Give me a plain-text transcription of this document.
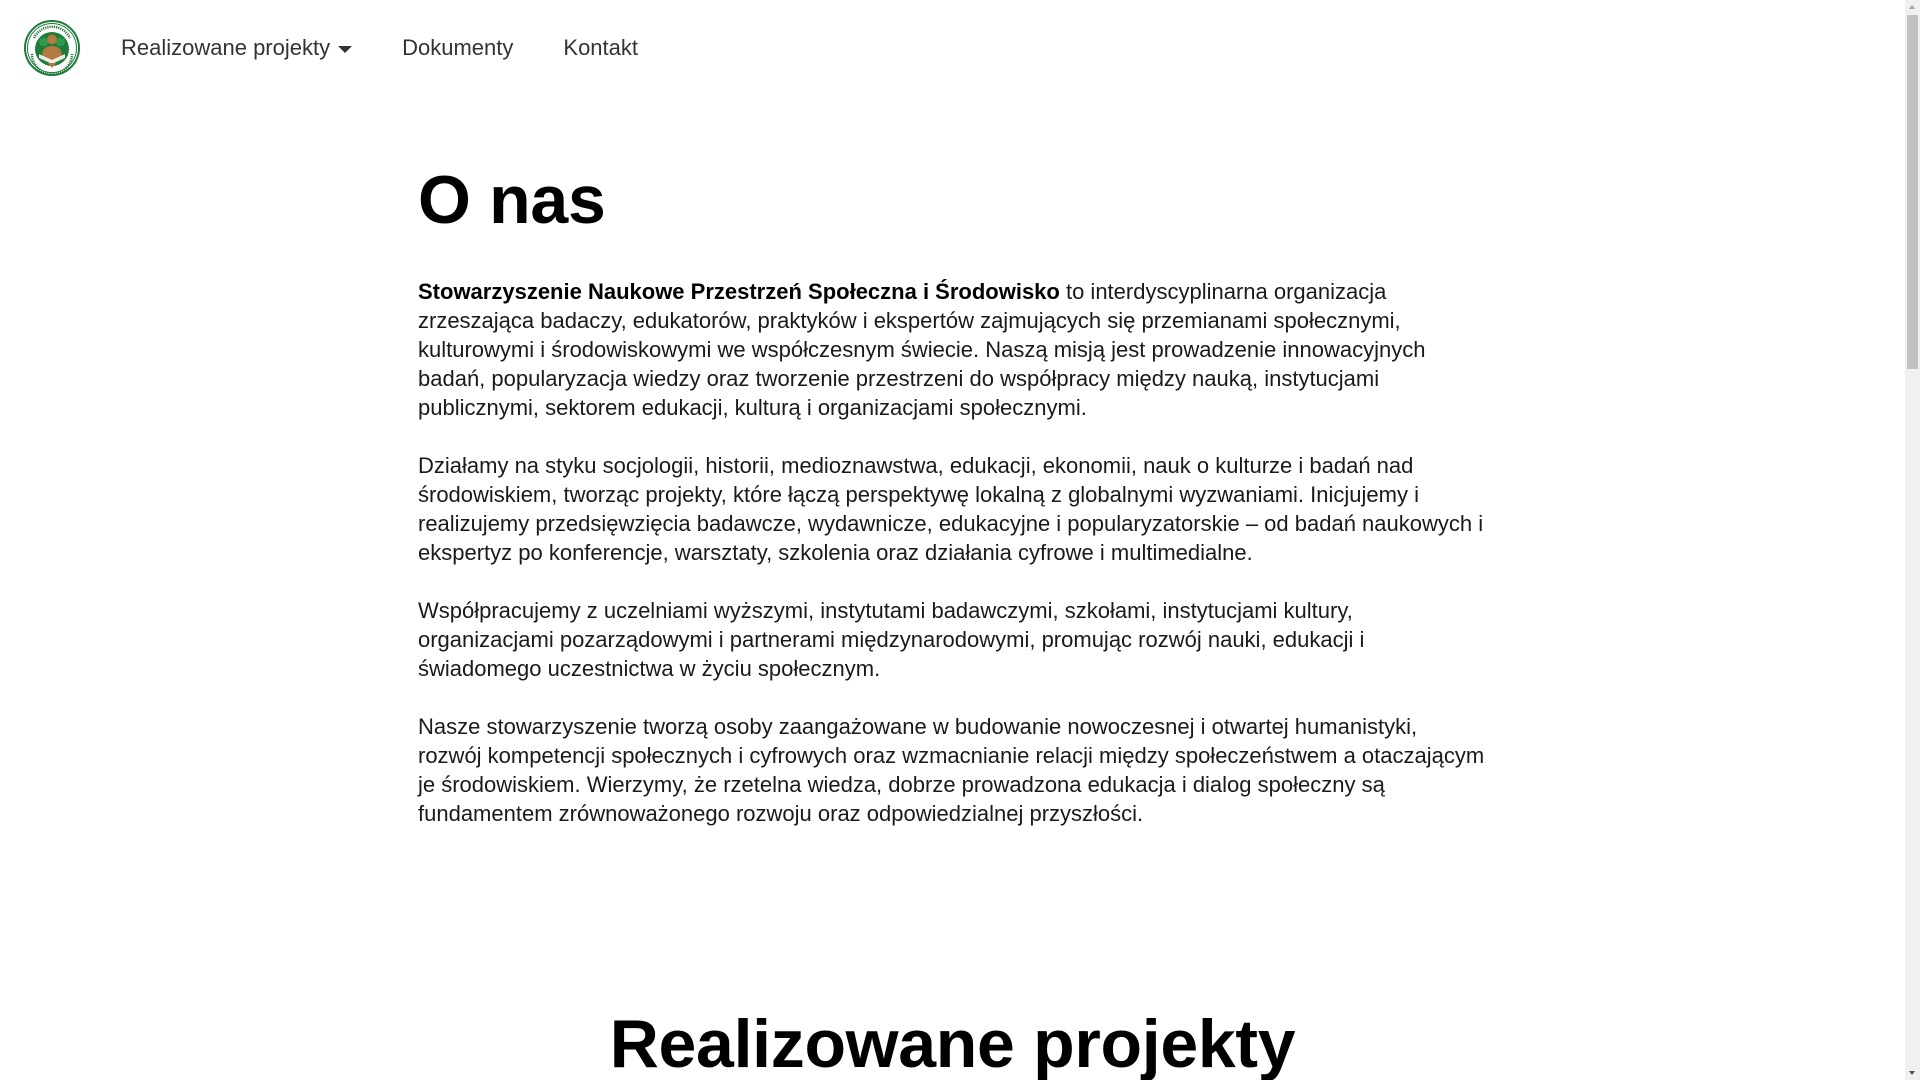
Realizowane projekty	Dokumenty Kontakt
O nas

Stowarzyszenie Naukowe Przestrzeń Społeczna i Środowisko to interdyscyplinarna organizacja zrzeszająca badaczy, edukatorów, praktyków i ekspertów zajmujących się przemianami społecznymi, kulturowymi i środowiskowymi we współczesnym świecie. Naszą misją jest prowadzenie innowacyjnych badań, popularyzacja wiedzy oraz tworzenie przestrzeni do współpracy między nauką, instytucjami publicznymi, sektorem edukacji, kulturą i organizacjami społecznymi.

Działamy na styku socjologii, historii, medioznawstwa, edukacji, ekonomii, nauk o kulturze i badań nad środowiskiem, tworząc projekty, które łączą perspektywę lokalną z globalnymi wyzwaniami. Inicjujemy i realizujemy przedsięwzięcia badawcze, wydawnicze, edukacyjne i popularyzatorskie – od badań naukowych i ekspertyz po konferencje, warsztaty, szkolenia oraz działania cyfrowe i multimedialne.

Współpracujemy z uczelniami wyższymi, instytutami badawczymi, szkołami, instytucjami kultury, organizacjami pozarządowymi i partnerami międzynarodowymi, promując rozwój nauki, edukacji i świadomego uczestnictwa w życiu społecznym.

Nasze stowarzyszenie tworzą osoby zaangażowane w budowanie nowoczesnej i otwartej humanistyki, rozwój kompetencji społecznych i cyfrowych oraz wzmacnianie relacji między społeczeństwem a otaczającym je środowiskiem. Wierzymy, że rzetelna wiedza, dobrze prowadzona edukacja i dialog społeczny są fundamentem zrównoważonego rozwoju oraz odpowiedzialnej przyszłości.

Realizowane projekty
